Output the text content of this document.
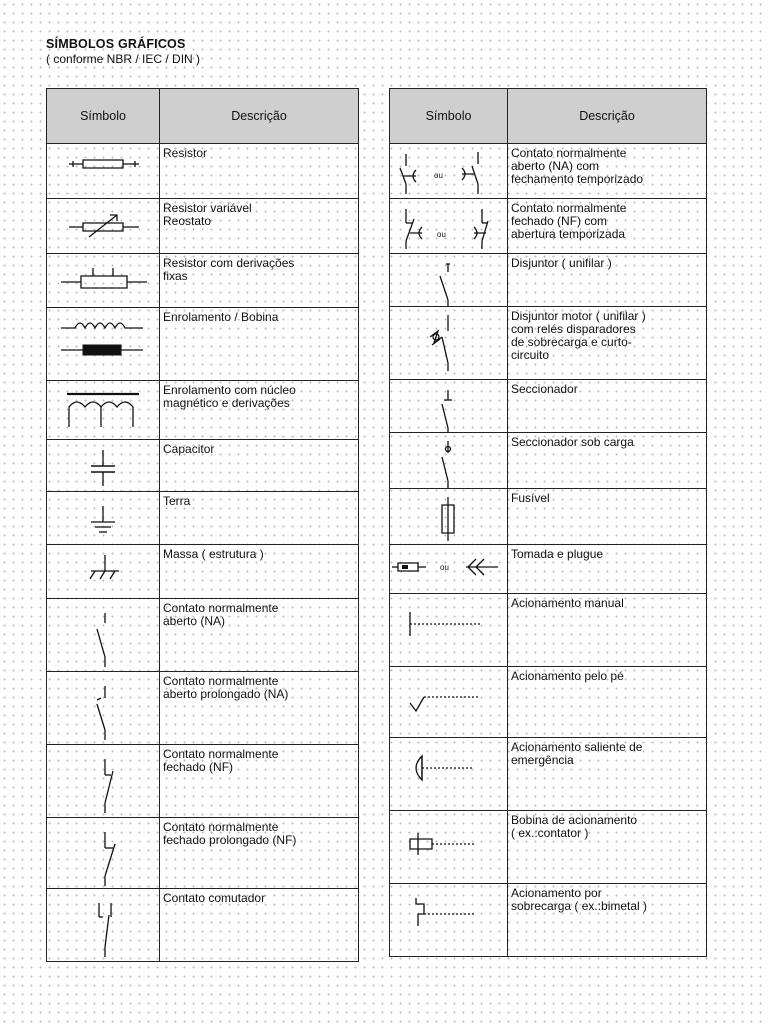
SÍMBOLOS GRÁFICOS
( conforme NBR / IEC / DIN )
Símbolo	Descrição

Resistor

Resistor variável
Reostato

Resistor com derivações
fixas

Enrolamento / Bobina

Enrolamento com núcleo
magnético e derivações

Capacitor

Terra

Massa ( estrutura )

Contato normalmente
aberto (NA)

Contato normalmente
aberto prolongado (NA)

Contato normalmente
fechado (NF)

Contato normalmente
fechado prolongado (NF)

Contato comutador
Símbolo	Descrição

ou	Contato normalmente
aberto (NA) com
fechamento temporizado

ou	Contato normalmente
fechado (NF) com
abertura temporizada

Disjuntor ( unifilar )

Disjuntor motor ( unifilar )
com relés disparadores
de sobrecarga e curto-
circuito

Seccionador

Seccionador sob carga

Fusível

ou	Tomada e plugue

Acionamento manual

Acionamento pelo pé

Acionamento saliente de
emergência

Bobina de acionamento
( ex.:contator )

Acionamento por
sobrecarga ( ex.:bimetal )
